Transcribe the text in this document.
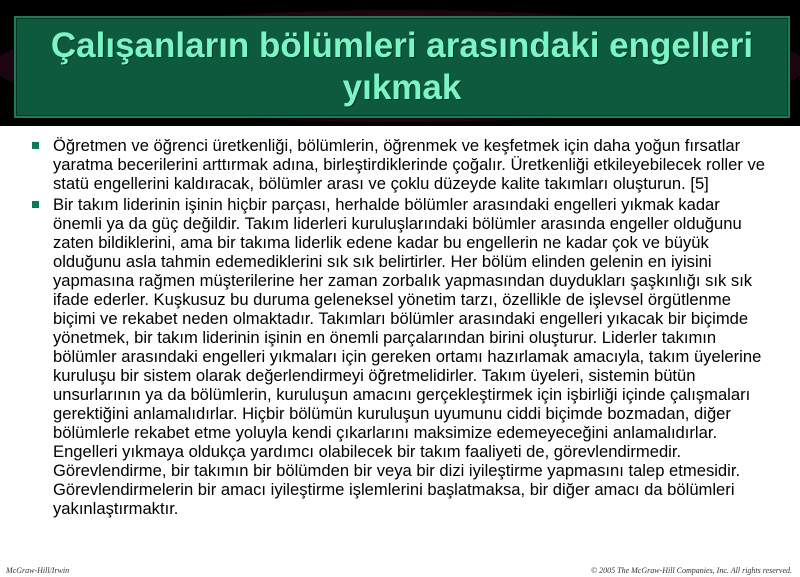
Çalışanların bölümleri arasındaki engelleri yıkmak
Öğretmen ve öğrenci üretkenliği, bölümlerin, öğrenmek ve keşfetmek için daha yoğun fırsatlar yaratma becerilerini arttırmak adına, birleştirdiklerinde çoğalır. Üretkenliği etkileyebilecek roller ve statü engellerini kaldıracak, bölümler arası ve çoklu düzeyde kalite takımları oluşturun. [5]
Bir takım liderinin işinin hiçbir parçası, herhalde bölümler arasındaki engelleri yıkmak kadar önemli ya da güç değildir. Takım liderleri kuruluşlarındaki bölümler arasında engeller olduğunu zaten bildiklerini, ama bir takıma liderlik edene kadar bu engellerin ne kadar çok ve büyük olduğunu asla tahmin edemediklerini sık sık belirtirler. Her bölüm elinden gelenin en iyisini yapmasına rağmen müşterilerine her zaman zorbalık yapmasından duydukları şaşkınlığı sık sık ifade ederler. Kuşkusuz bu duruma geleneksel yönetim tarzı, özellikle de işlevsel örgütlenme biçimi ve rekabet neden olmaktadır. Takımları bölümler arasındaki engelleri yıkacak bir biçimde yönetmek, bir takım liderinin işinin en önemli parçalarından birini oluşturur. Liderler takımın bölümler arasındaki engelleri yıkmaları için gereken ortamı hazırlamak amacıyla, takım üyelerine kuruluşu bir sistem olarak değerlendirmeyi öğretmelidirler. Takım üyeleri, sistemin bütün unsurlarının ya da bölümlerin, kuruluşun amacını gerçekleştirmek için işbirliği içinde çalışmaları gerektiğini anlamalıdırlar. Hiçbir bölümün kuruluşun uyumunu ciddi biçimde bozmadan, diğer bölümlerle rekabet etme yoluyla kendi çıkarlarını maksimize edemeyeceğini anlamalıdırlar. Engelleri yıkmaya oldukça yardımcı olabilecek bir takım faaliyeti de, görevlendirmedir. Görevlendirme, bir takımın bir bölümden bir veya bir dizi iyileştirme yapmasını talep etmesidir. Görevlendirmelerin bir amacı iyileştirme işlemlerini başlatmaksa, bir diğer amacı da bölümleri yakınlaştırmaktır.
McGraw-Hill/Irwin	© 2005 The McGraw-Hill Companies, Inc. All rights reserved.
